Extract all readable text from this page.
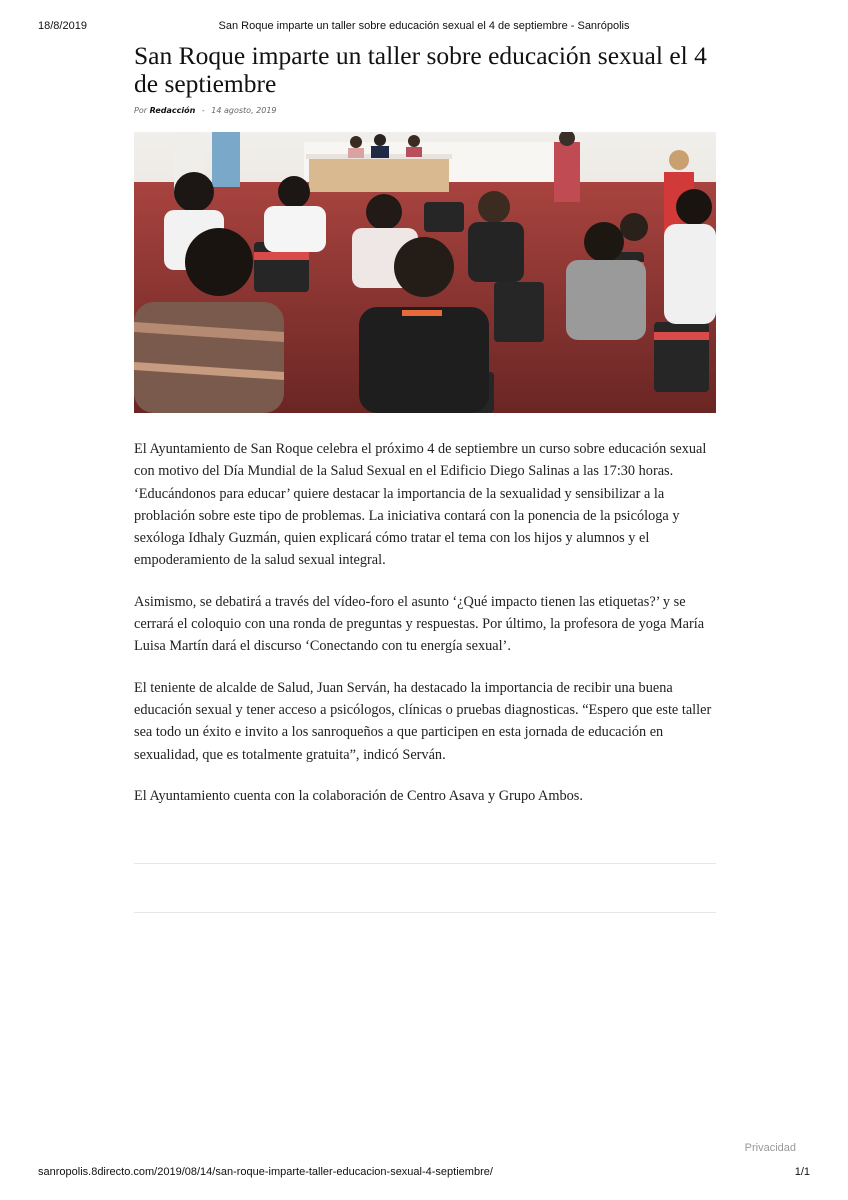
18/8/2019	San Roque imparte un taller sobre educación sexual el 4 de septiembre - Sanrópolis
San Roque imparte un taller sobre educación sexual el 4 de septiembre
Por Redacción - 14 agosto, 2019

El Ayuntamiento de San Roque celebra el próximo 4 de septiembre un curso sobre educación sexual con motivo del Día Mundial de la Salud Sexual en el Edificio Diego Salinas a las 17:30 horas. ‘Educándonos para educar’ quiere destacar la importancia de la sexualidad y sensibilizar a la problación sobre este tipo de problemas. La iniciativa contará con la ponencia de la psicóloga y sexóloga Idhaly Guzmán, quien explicará cómo tratar el tema con los hijos y alumnos y el empoderamiento de la salud sexual integral.

Asimismo, se debatirá a través del vídeo-foro el asunto ‘¿Qué impacto tienen las etiquetas?’ y se cerrará el coloquio con una ronda de preguntas y respuestas. Por último, la profesora de yoga María Luisa Martín dará el discurso ‘Conectando con tu energía sexual’.

El teniente de alcalde de Salud, Juan Serván, ha destacado la importancia de recibir una buena educación sexual y tener acceso a psicólogos, clínicas o pruebas diagnosticas. “Espero que este taller sea todo un éxito e invito a los sanroqueños a que participen en esta jornada de educación en sexualidad, que es totalmente gratuita”, indicó Serván.

El Ayuntamiento cuenta con la colaboración de Centro Asava y Grupo Ambos.

Privacidad
sanropolis.8directo.com/2019/08/14/san-roque-imparte-taller-educacion-sexual-4-septiembre/	1/1
